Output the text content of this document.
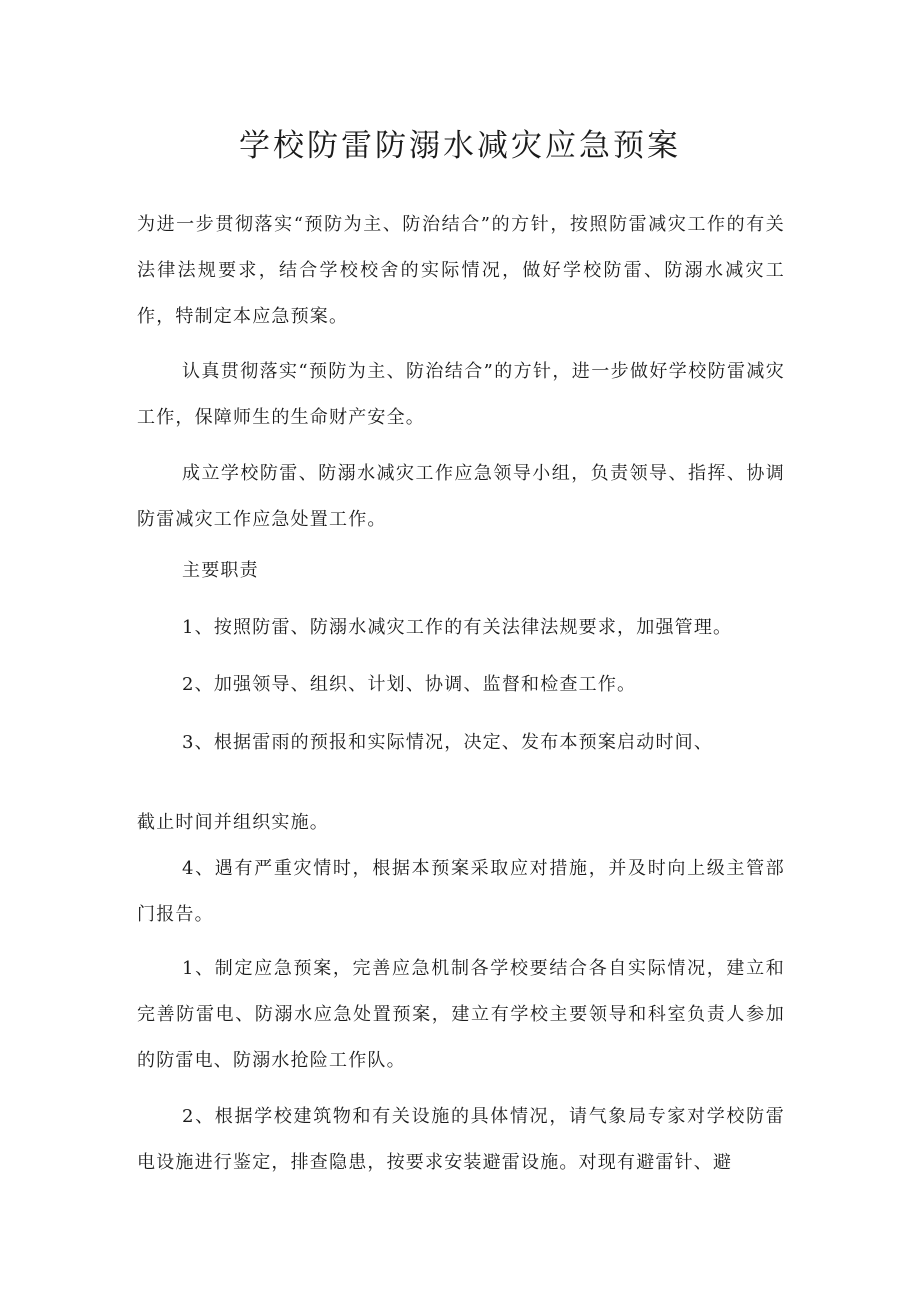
学校防雷防溺水减灾应急预案

为进一步贯彻落实“预防为主、防治结合”的方针，按照防雷减灾工作的有关法律法规要求，结合学校校舍的实际情况，做好学校防雷、防溺水减灾工作，特制定本应急预案。

认真贯彻落实“预防为主、防治结合”的方针，进一步做好学校防雷减灾工作，保障师生的生命财产安全。

成立学校防雷、防溺水减灾工作应急领导小组，负责领导、指挥、协调防雷减灾工作应急处置工作。

主要职责

1、按照防雷、防溺水减灾工作的有关法律法规要求，加强管理。

2、加强领导、组织、计划、协调、监督和检查工作。

3、根据雷雨的预报和实际情况，决定、发布本预案启动时间、

截止时间并组织实施。

4、遇有严重灾情时，根据本预案采取应对措施，并及时向上级主管部门报告。

1、制定应急预案，完善应急机制各学校要结合各自实际情况，建立和完善防雷电、防溺水应急处置预案，建立有学校主要领导和科室负责人参加的防雷电、防溺水抢险工作队。

2、根据学校建筑物和有关设施的具体情况，请气象局专家对学校防雷电设施进行鉴定，排查隐患，按要求安装避雷设施。对现有避雷针、避
